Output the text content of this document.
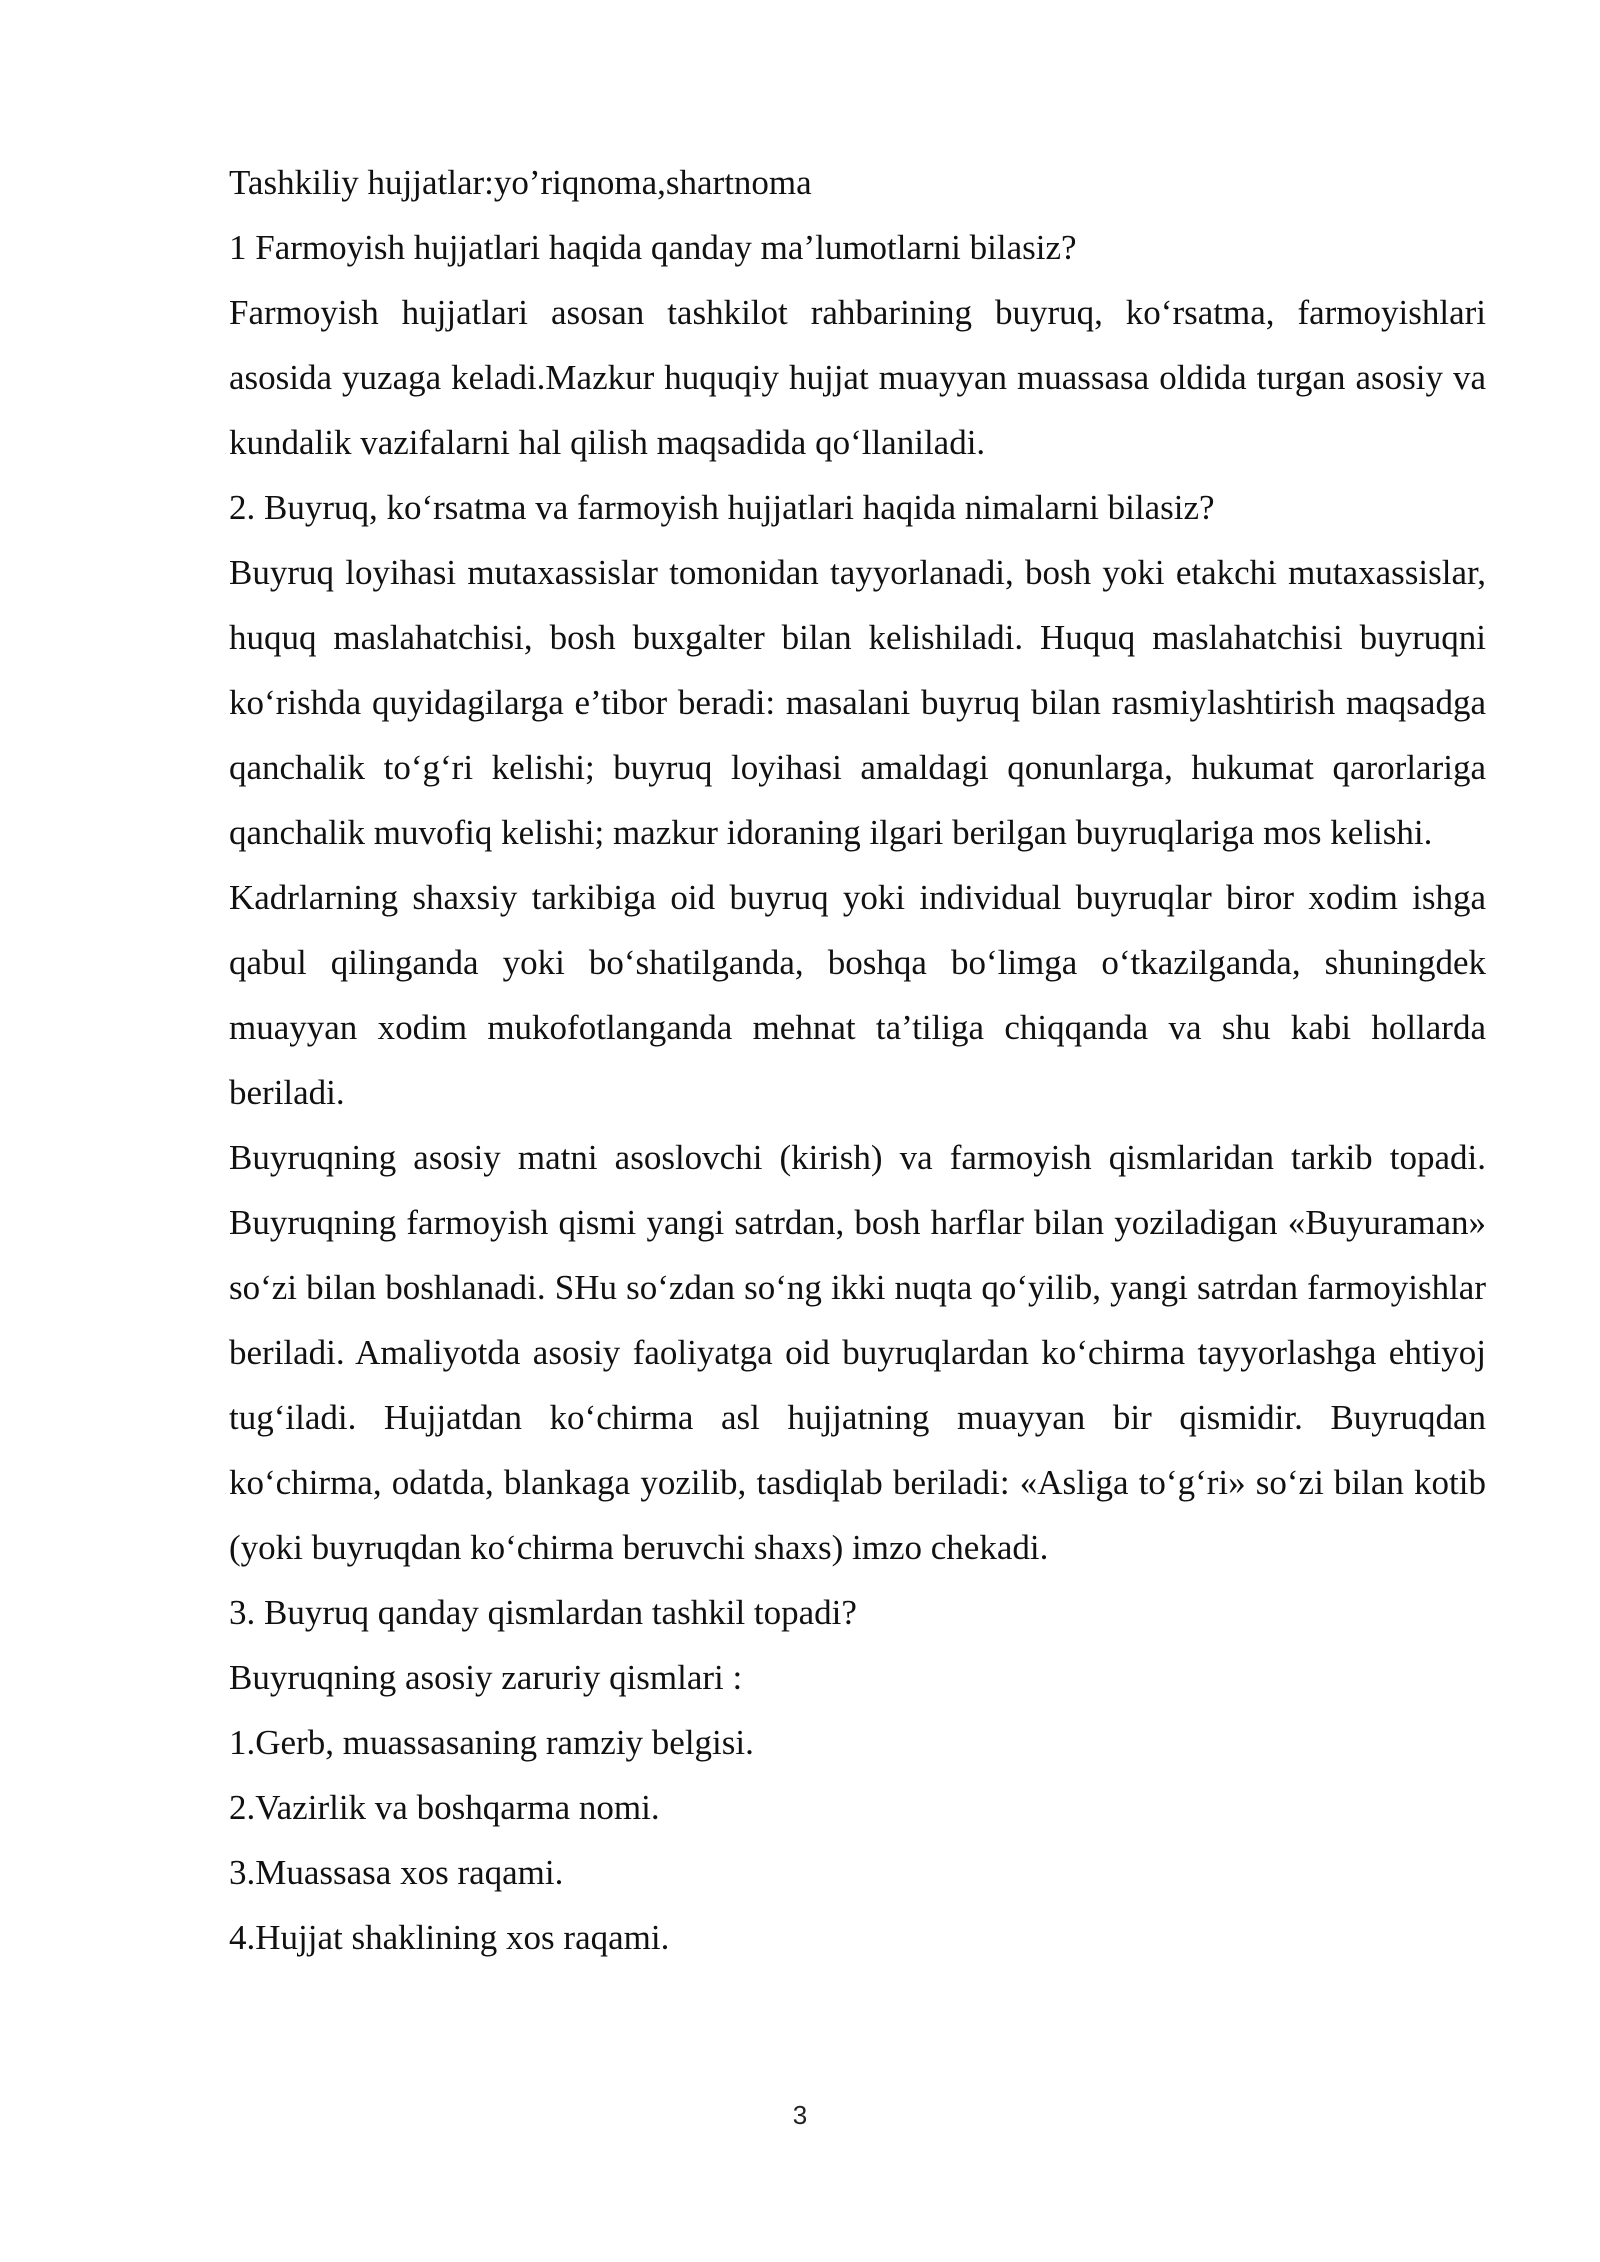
Tashkiliy hujjatlar:yo’riqnoma,shartnoma

1 Farmoyish hujjatlari haqida qanday ma’lumotlarni bilasiz?

Farmoyish hujjatlari asosan tashkilot rahbarining buyruq, ko‘rsatma, farmoyishlari asosida yuzaga keladi.Mazkur huquqiy hujjat muayyan muassasa oldida turgan asosiy va kundalik vazifalarni hal qilish maqsadida qo‘llaniladi.

2. Buyruq, ko‘rsatma va farmoyish hujjatlari haqida nimalarni bilasiz?

Buyruq loyihasi mutaxassislar tomonidan tayyorlanadi, bosh yoki etakchi mutaxassislar, huquq maslahatchisi, bosh buxgalter bilan kelishiladi. Huquq maslahatchisi buyruqni ko‘rishda quyidagilarga e’tibor beradi: masalani buyruq bilan rasmiylashtirish maqsadga qanchalik to‘g‘ri kelishi; buyruq loyihasi amaldagi qonunlarga, hukumat qarorlariga qanchalik muvofiq kelishi; mazkur idoraning ilgari berilgan buyruqlariga mos kelishi.

Kadrlarning shaxsiy tarkibiga oid buyruq yoki individual buyruqlar biror xodim ishga qabul qilinganda yoki bo‘shatilganda, boshqa bo‘limga o‘tkazilganda, shuningdek muayyan xodim mukofotlanganda mehnat ta’tiliga chiqqanda va shu kabi hollarda beriladi.

Buyruqning asosiy matni asoslovchi (kirish) va farmoyish qismlaridan tarkib topadi. Buyruqning farmoyish qismi yangi satrdan, bosh harflar bilan yoziladigan «Buyuraman» so‘zi bilan boshlanadi. SHu so‘zdan so‘ng ikki nuqta qo‘yilib, yangi satrdan farmoyishlar beriladi. Amaliyotda asosiy faoliyatga oid buyruqlardan ko‘chirma tayyorlashga ehtiyoj tug‘iladi. Hujjatdan ko‘chirma asl hujjatning muayyan bir qismidir. Buyruqdan ko‘chirma, odatda, blankaga yozilib, tasdiqlab beriladi: «Asliga to‘g‘ri» so‘zi bilan kotib (yoki buyruqdan ko‘chirma beruvchi shaxs) imzo chekadi.

3. Buyruq qanday qismlardan tashkil topadi?

Buyruqning asosiy zaruriy qismlari :

1.Gerb, muassasaning ramziy belgisi.

2.Vazirlik va boshqarma nomi.

3.Muassasa xos raqami.

4.Hujjat shaklining xos raqami.

3
